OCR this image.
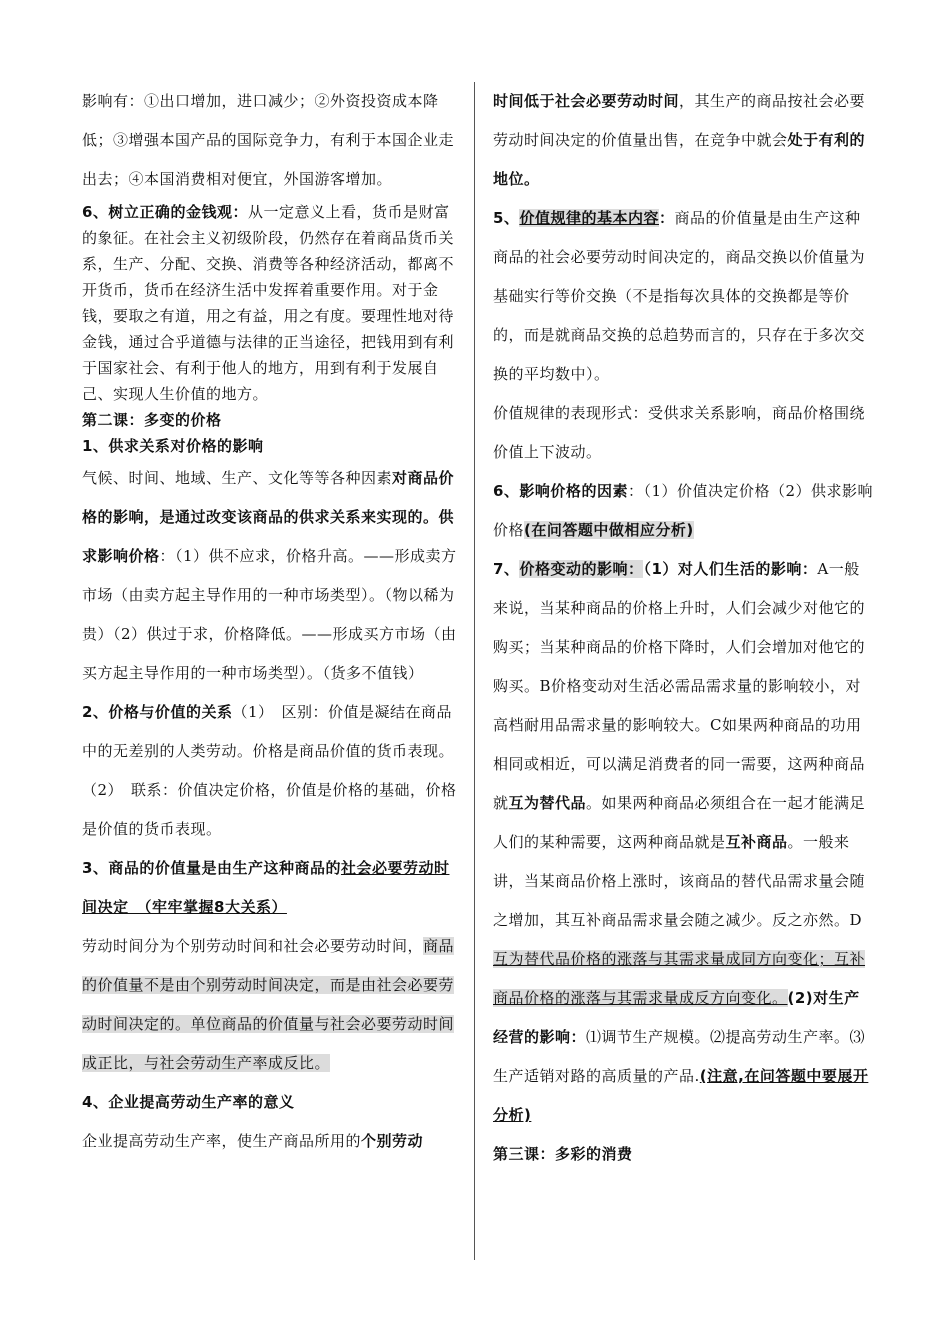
影响有：①出口增加，进口减少；②外资投资成本降低；③增强本国产品的国际竞争力，有利于本国企业走出去；④本国消费相对便宜，外国游客增加。

6、树立正确的金钱观：从一定意义上看，货币是财富的象征。在社会主义初级阶段，仍然存在着商品货币关系，生产、分配、交换、消费等各种经济活动，都离不开货币，货币在经济生活中发挥着重要作用。对于金钱，要取之有道，用之有益，用之有度。要理性地对待金钱，通过合乎道德与法律的正当途径，把钱用到有利于国家社会、有利于他人的地方，用到有利于发展自己、实现人生价值的地方。

第二课：多变的价格

1、供求关系对价格的影响

气候、时间、地域、生产、文化等等各种因素对商品价格的影响，是通过改变该商品的供求关系来实现的。供求影响价格：（1）供不应求，价格升高。——形成卖方市场（由卖方起主导作用的一种市场类型）。（物以稀为贵）（2）供过于求，价格降低。——形成买方市场（由买方起主导作用的一种市场类型）。（货多不值钱）

2、价格与价值的关系（1）　区别：价值是凝结在商品中的无差别的人类劳动。价格是商品价值的货币表现。（2）　联系：价值决定价格，价值是价格的基础，价格是价值的货币表现。

3、商品的价值量是由生产这种商品的社会必要劳动时间决定　（牢牢掌握8大关系）

劳动时间分为个别劳动时间和社会必要劳动时间，商品的价值量不是由个别劳动时间决定，而是由社会必要劳动时间决定的。单位商品的价值量与社会必要劳动时间成正比，与社会劳动生产率成反比。

4、企业提高劳动生产率的意义

企业提高劳动生产率，使生产商品所用的个别劳动

时间低于社会必要劳动时间，其生产的商品按社会必要劳动时间决定的价值量出售，在竞争中就会处于有利的地位。

5、价值规律的基本内容：商品的价值量是由生产这种商品的社会必要劳动时间决定的，商品交换以价值量为基础实行等价交换（不是指每次具体的交换都是等价的，而是就商品交换的总趋势而言的，只存在于多次交换的平均数中）。

价值规律的表现形式：受供求关系影响，商品价格围绕价值上下波动。

6、影响价格的因素：（1）价值决定价格（2）供求影响价格(在问答题中做相应分析)

7、价格变动的影响：（1）对人们生活的影响：A一般来说，当某种商品的价格上升时，人们会减少对他它的购买；当某种商品的价格下降时，人们会增加对他它的购买。B价格变动对生活必需品需求量的影响较小，对高档耐用品需求量的影响较大。C如果两种商品的功用相同或相近，可以满足消费者的同一需要，这两种商品就互为替代品。如果两种商品必须组合在一起才能满足人们的某种需要，这两种商品就是互补商品。一般来讲，当某商品价格上涨时，该商品的替代品需求量会随之增加，其互补商品需求量会随之减少。反之亦然。D互为替代品价格的涨落与其需求量成同方向变化；互补商品价格的涨落与其需求量成反方向变化。(2)对生产经营的影响：⑴调节生产规模。⑵提高劳动生产率。⑶生产适销对路的高质量的产品.(注意,在问答题中要展开分析)

第三课：多彩的消费
